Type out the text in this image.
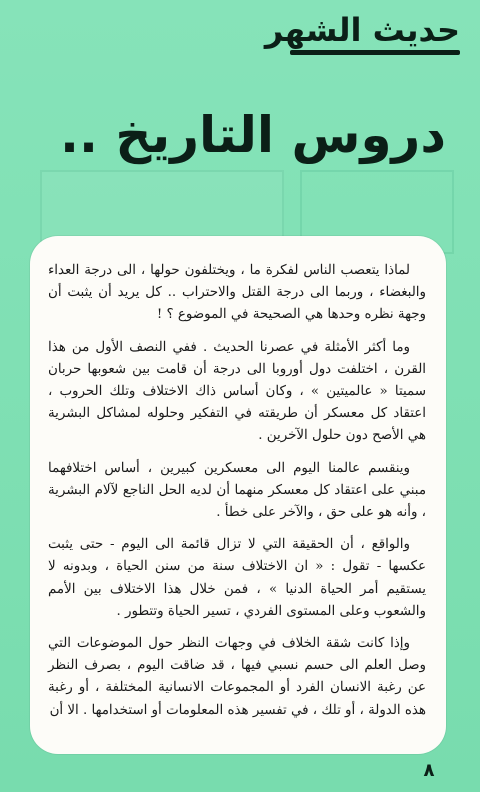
حديث الشهر
دروس التاريخ ..

لماذا يتعصب الناس لفكرة ما ، ويختلفون حولها ، الى درجة العداء والبغضاء ، وربما الى درجة القتل والاحتراب .. كل يريد أن يثبت أن وجهة نظره وحدها هي الصحيحة في الموضوع ؟ !

وما أكثر الأمثلة في عصرنا الحديث . ففي النصف الأول من هذا القرن ، اختلفت دول أوروبا الى درجة أن قامت بين شعوبها حربان سميتا « عالميتين » ، وكان أساس ذاك الاختلاف وتلك الحروب ، اعتقاد كل معسكر أن طريقته في التفكير وحلوله لمشاكل البشرية هي الأصح دون حلول الآخرين .

وينقسم عالمنا اليوم الى معسكرين كبيرين ، أساس اختلافهما مبني على اعتقاد كل معسكر منهما أن لديه الحل الناجع لآلام البشرية ، وأنه هو على حق ، والآخر على خطأ .

والواقع ، أن الحقيقة التي لا تزال قائمة الى اليوم - حتى يثبت عكسها - تقول : « ان الاختلاف سنة من سنن الحياة ، وبدونه لا يستقيم أمر الحياة الدنيا » ، فمن خلال هذا الاختلاف بين الأمم والشعوب وعلى المستوى الفردي ، تسير الحياة وتتطور .

وإذا كانت شقة الخلاف في وجهات النظر حول الموضوعات التي وصل العلم الى حسم نسبي فيها ، قد ضاقت اليوم ، بصرف النظر عن رغبة الانسان الفرد أو المجموعات الانسانية المختلفة ، أو رغبة هذه الدولة ، أو تلك ، في تفسير هذه المعلومات أو استخدامها . الا أن

٨
